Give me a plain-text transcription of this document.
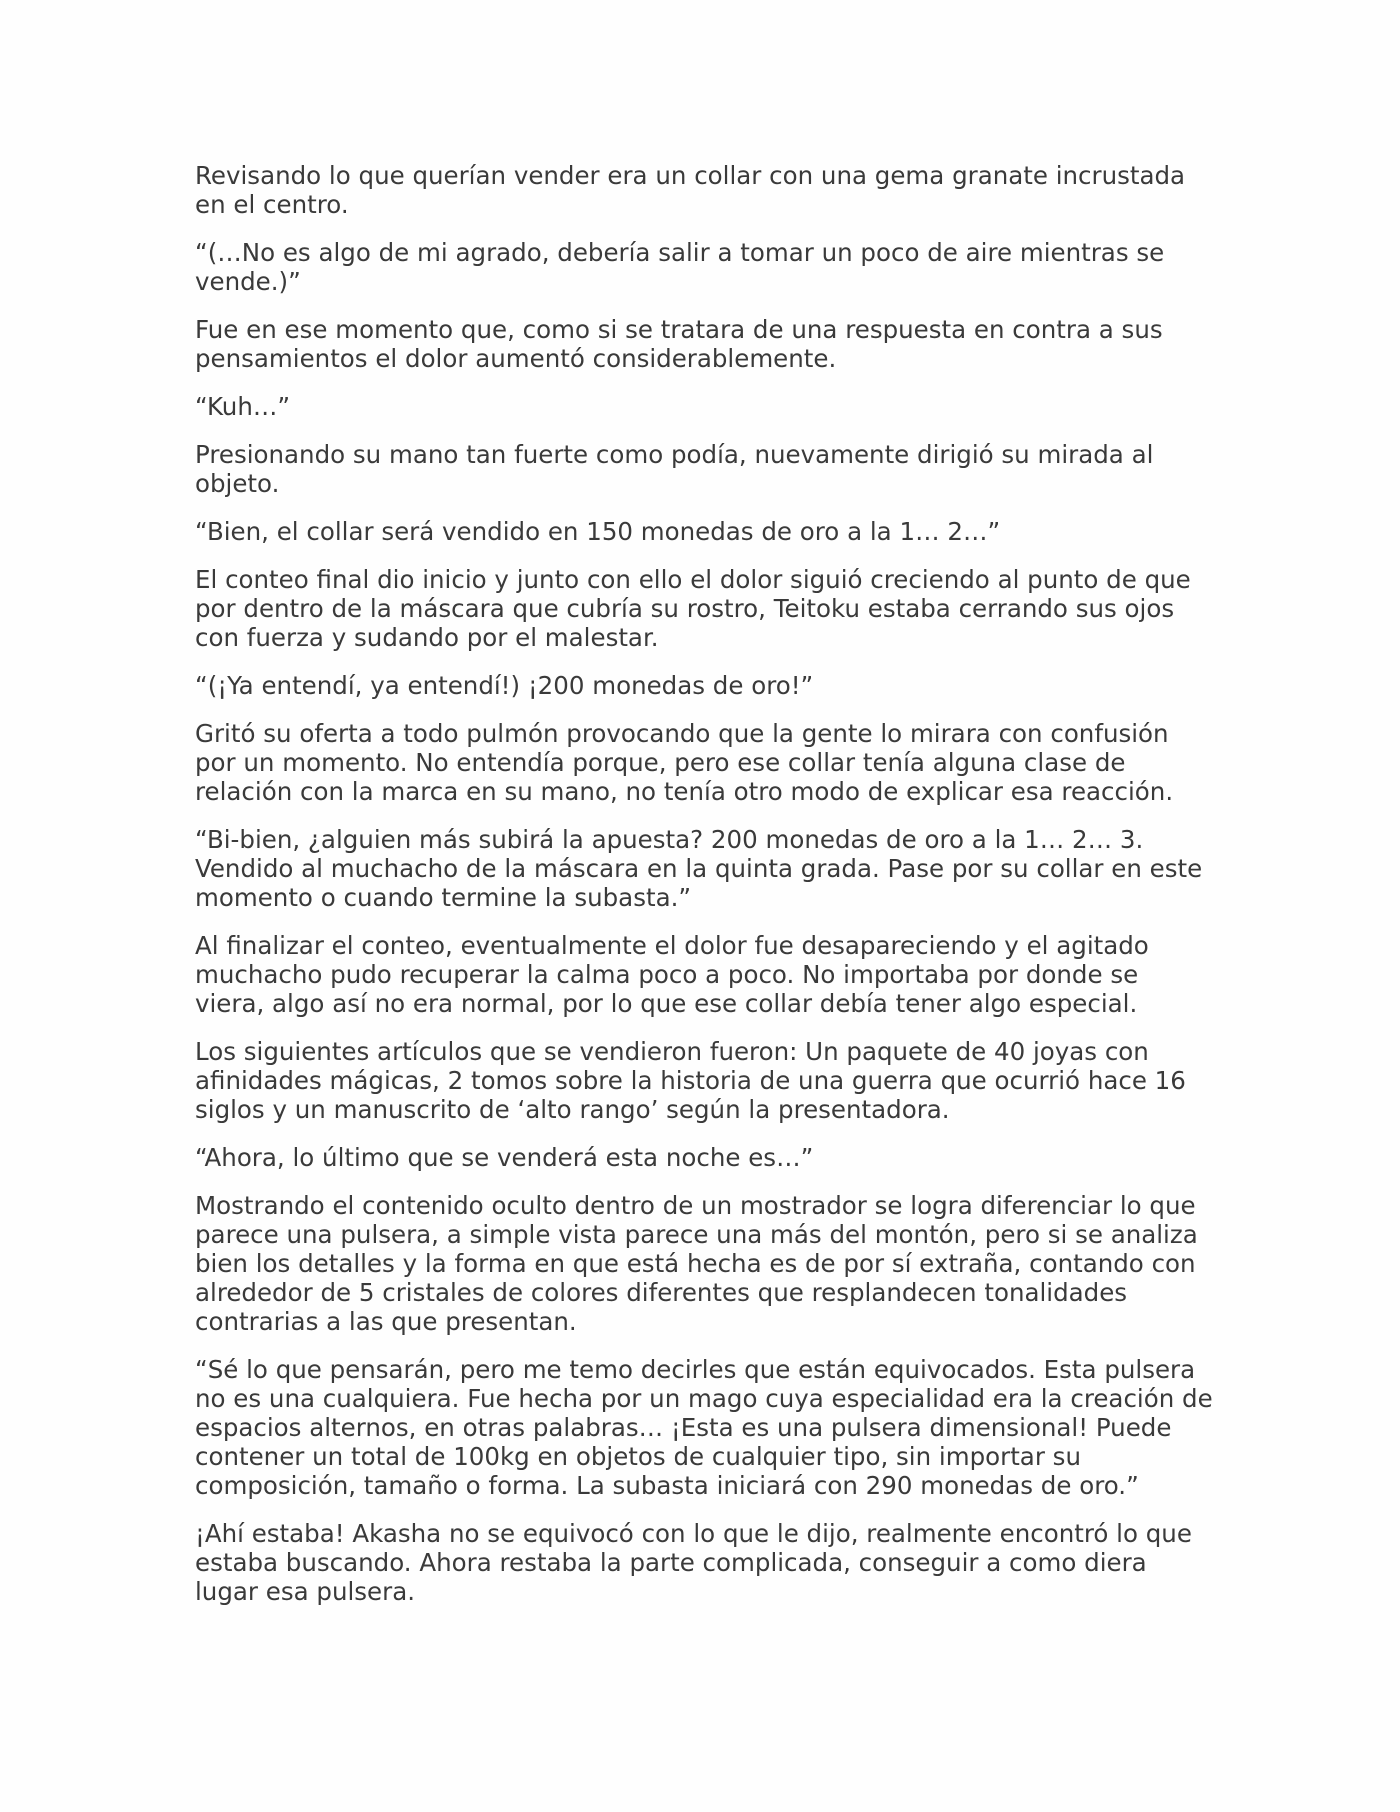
Revisando lo que querían vender era un collar con una gema granate incrustada en el centro.

“(…No es algo de mi agrado, debería salir a tomar un poco de aire mientras se vende.)”

Fue en ese momento que, como si se tratara de una respuesta en contra a sus pensamientos el dolor aumentó considerablemente.

“Kuh…”

Presionando su mano tan fuerte como podía, nuevamente dirigió su mirada al objeto.

“Bien, el collar será vendido en 150 monedas de oro a la 1… 2…”

El conteo final dio inicio y junto con ello el dolor siguió creciendo al punto de que por dentro de la máscara que cubría su rostro, Teitoku estaba cerrando sus ojos con fuerza y sudando por el malestar.

“(¡Ya entendí, ya entendí!) ¡200 monedas de oro!”

Gritó su oferta a todo pulmón provocando que la gente lo mirara con confusión por un momento. No entendía porque, pero ese collar tenía alguna clase de relación con la marca en su mano, no tenía otro modo de explicar esa reacción.

“Bi-bien, ¿alguien más subirá la apuesta? 200 monedas de oro a la 1… 2… 3. Vendido al muchacho de la máscara en la quinta grada. Pase por su collar en este momento o cuando termine la subasta.”

Al finalizar el conteo, eventualmente el dolor fue desapareciendo y el agitado muchacho pudo recuperar la calma poco a poco. No importaba por donde se viera, algo así no era normal, por lo que ese collar debía tener algo especial.

Los siguientes artículos que se vendieron fueron: Un paquete de 40 joyas con afinidades mágicas, 2 tomos sobre la historia de una guerra que ocurrió hace 16 siglos y un manuscrito de ‘alto rango’ según la presentadora.

“Ahora, lo último que se venderá esta noche es…”

Mostrando el contenido oculto dentro de un mostrador se logra diferenciar lo que parece una pulsera, a simple vista parece una más del montón, pero si se analiza bien los detalles y la forma en que está hecha es de por sí extraña, contando con alrededor de 5 cristales de colores diferentes que resplandecen tonalidades contrarias a las que presentan.

“Sé lo que pensarán, pero me temo decirles que están equivocados. Esta pulsera no es una cualquiera. Fue hecha por un mago cuya especialidad era la creación de espacios alternos, en otras palabras… ¡Esta es una pulsera dimensional! Puede contener un total de 100kg en objetos de cualquier tipo, sin importar su composición, tamaño o forma. La subasta iniciará con 290 monedas de oro.”

¡Ahí estaba! Akasha no se equivocó con lo que le dijo, realmente encontró lo que estaba buscando. Ahora restaba la parte complicada, conseguir a como diera lugar esa pulsera.
